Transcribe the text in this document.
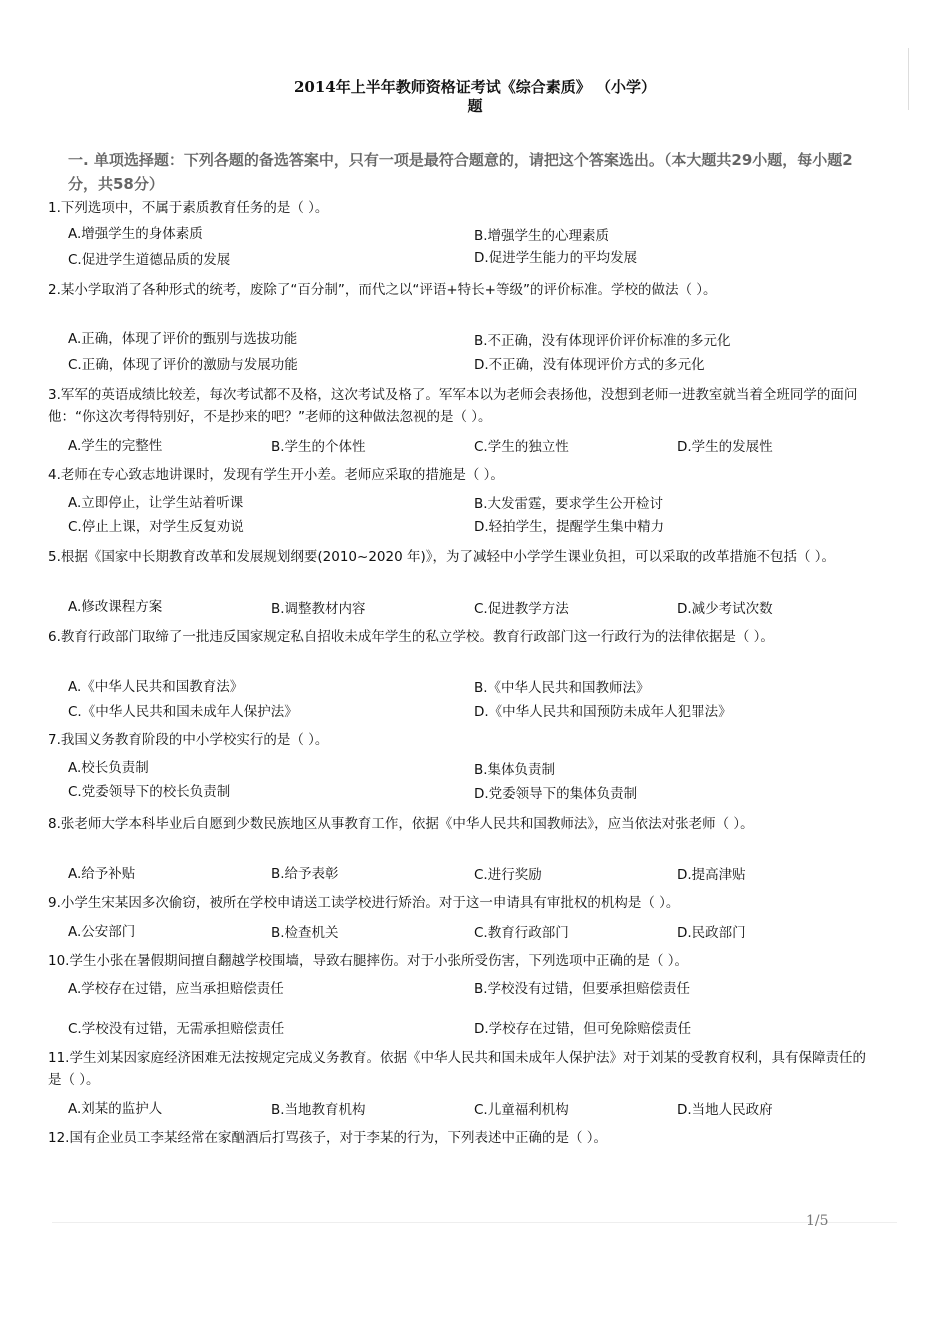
2014年上半年教师资格证考试《综合素质》 （小学）
题
一. 单项选择题：下列各题的备选答案中，只有一项是最符合题意的，请把这个答案选出。（本大题共29小题，每小题2分，共58分）
1.下列选项中，不属于素质教育任务的是（ ）。
A.增强学生的身体素质	B.增强学生的心理素质
C.促进学生道德品质的发展	D.促进学生能力的平均发展
2.某小学取消了各种形式的统考，废除了“百分制”，而代之以“评语+特长+等级”的评价标准。学校的做法（ ）。
A.正确，体现了评价的甄别与选拔功能	B.不正确，没有体现评价评价标准的多元化
C.正确，体现了评价的激励与发展功能	D.不正确，没有体现评价方式的多元化
3.军军的英语成绩比较差，每次考试都不及格，这次考试及格了。军军本以为老师会表扬他，没想到老师一进教室就当着全班同学的面问他：“你这次考得特别好，不是抄来的吧？”老师的这种做法忽视的是（ ）。
A.学生的完整性	B.学生的个体性	C.学生的独立性	D.学生的发展性
4.老师在专心致志地讲课时，发现有学生开小差。老师应采取的措施是（ ）。
A.立即停止，让学生站着听课	B.大发雷霆，要求学生公开检讨
C.停止上课，对学生反复劝说	D.轻拍学生，提醒学生集中精力
5.根据《国家中长期教育改革和发展规划纲要(2010~2020 年)》，为了减轻中小学学生课业负担，可以采取的改革措施不包括（ ）。
A.修改课程方案	B.调整教材内容	C.促进教学方法	D.减少考试次数
6.教育行政部门取缔了一批违反国家规定私自招收未成年学生的私立学校。教育行政部门这一行政行为的法律依据是（ ）。
A.《中华人民共和国教育法》	B.《中华人民共和国教师法》
C.《中华人民共和国未成年人保护法》	D.《中华人民共和国预防未成年人犯罪法》
7.我国义务教育阶段的中小学校实行的是（ ）。
A.校长负责制	B.集体负责制
C.党委领导下的校长负责制	D.党委领导下的集体负责制
8.张老师大学本科毕业后自愿到少数民族地区从事教育工作，依据《中华人民共和国教师法》，应当依法对张老师（ ）。
A.给予补贴	B.给予表彰	C.进行奖励	D.提高津贴
9.小学生宋某因多次偷窃，被所在学校申请送工读学校进行矫治。对于这一申请具有审批权的机构是（ ）。
A.公安部门	B.检查机关	C.教育行政部门	D.民政部门
10.学生小张在暑假期间擅自翻越学校围墙，导致右腿摔伤。对于小张所受伤害，下列选项中正确的是（ ）。
A.学校存在过错，应当承担赔偿责任	B.学校没有过错，但要承担赔偿责任
C.学校没有过错，无需承担赔偿责任	D.学校存在过错，但可免除赔偿责任
11.学生刘某因家庭经济困难无法按规定完成义务教育。依据《中华人民共和国未成年人保护法》对于刘某的受教育权利，具有保障责任的是（ ）。
A.刘某的监护人	B.当地教育机构	C.儿童福利机构	D.当地人民政府
12.国有企业员工李某经常在家酗酒后打骂孩子，对于李某的行为，下列表述中正确的是（ ）。
1/5
